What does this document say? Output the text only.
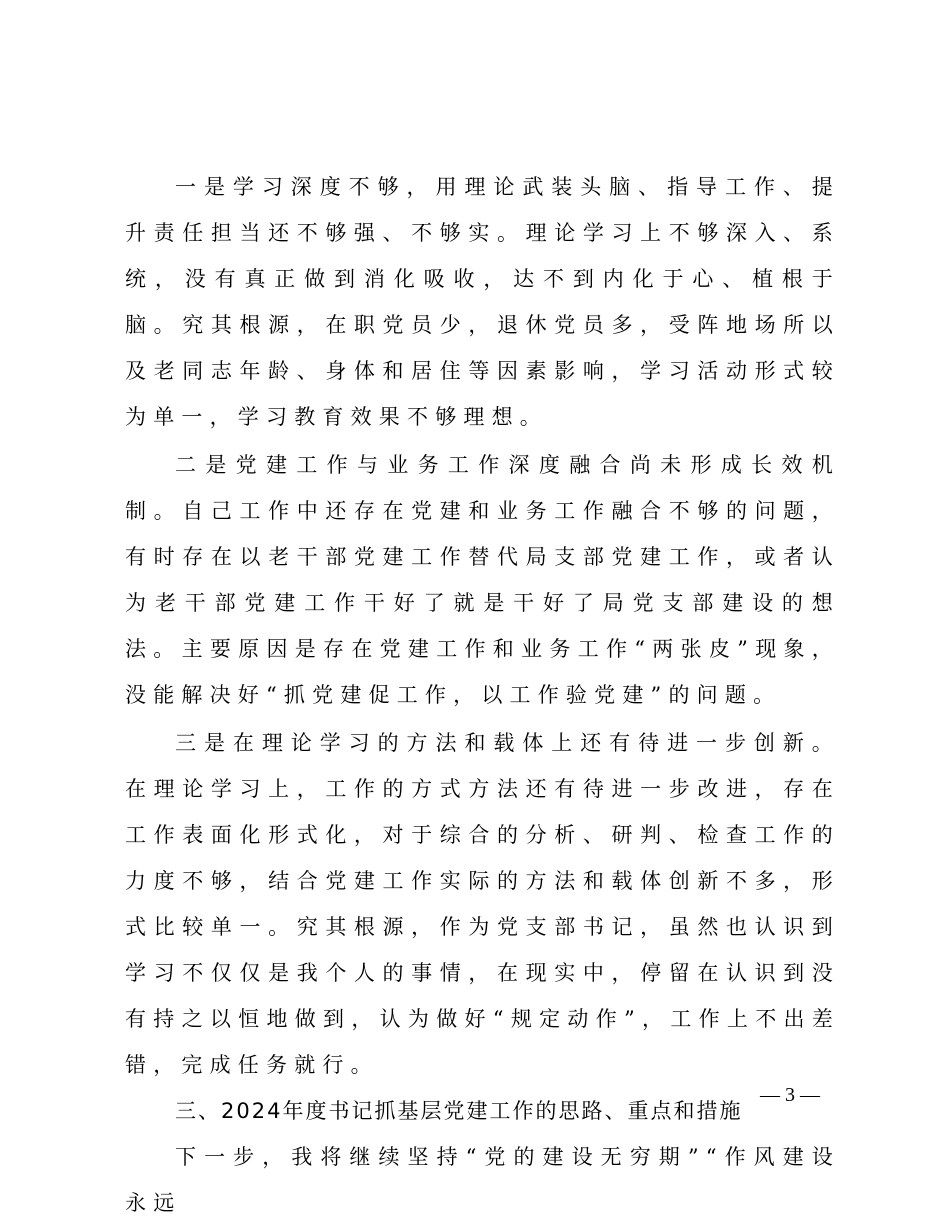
一是学习深度不够，用理论武装头脑、指导工作、提升责任担当还不够强、不够实。理论学习上不够深入、系统，没有真正做到消化吸收，达不到内化于心、植根于脑。究其根源，在职党员少，退休党员多，受阵地场所以及老同志年龄、身体和居住等因素影响，学习活动形式较为单一，学习教育效果不够理想。

二是党建工作与业务工作深度融合尚未形成长效机制。自己工作中还存在党建和业务工作融合不够的问题，有时存在以老干部党建工作替代局支部党建工作，或者认为老干部党建工作干好了就是干好了局党支部建设的想法。主要原因是存在党建工作和业务工作“两张皮”现象，没能解决好“抓党建促工作，以工作验党建”的问题。

三是在理论学习的方法和载体上还有待进一步创新。在理论学习上，工作的方式方法还有待进一步改进，存在工作表面化形式化，对于综合的分析、研判、检查工作的力度不够，结合党建工作实际的方法和载体创新不多，形式比较单一。究其根源，作为党支部书记，虽然也认识到学习不仅仅是我个人的事情，在现实中，停留在认识到没有持之以恒地做到，认为做好“规定动作”，工作上不出差错，完成任务就行。

三、2024年度书记抓基层党建工作的思路、重点和措施

下一步，我将继续坚持“党的建设无穷期”“作风建设永远

— 3 —
